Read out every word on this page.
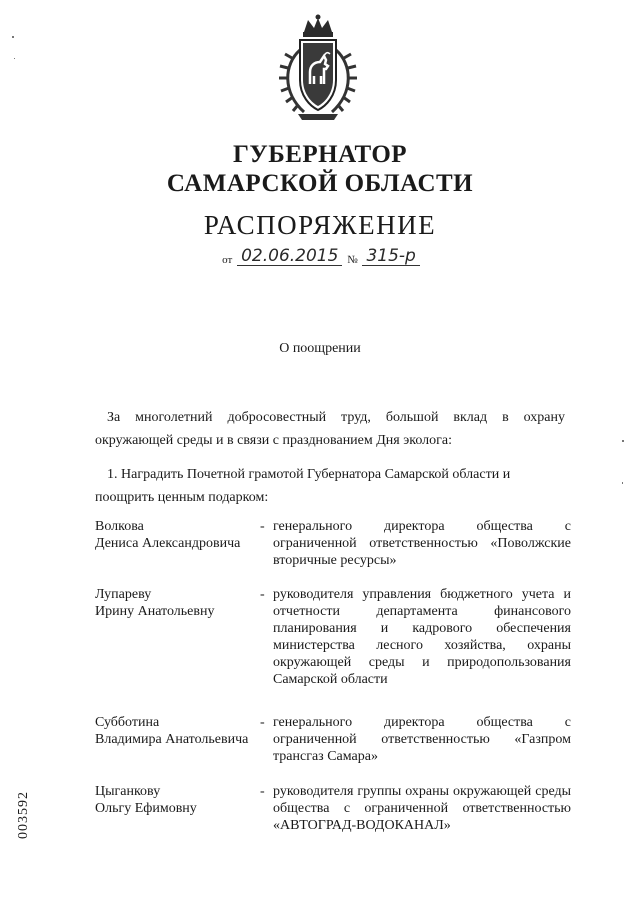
ГУБЕРНАТОР
САМАРСКОЙ ОБЛАСТИ
РАСПОРЯЖЕНИЕ
от 02.06.2015 № 315-р
О поощрении
За многолетний добросовестный труд, большой вклад в охрану
окружающей среды и в связи с празднованием Дня эколога:
1. Наградить Почетной грамотой Губернатора Самарской области и
поощрить ценным подарком:
Волкова
Дениса Александровича
- генерального директора общества с ограниченной ответственностью «Поволжские вторичные ресурсы»
Лупареву
Ирину Анатольевну
- руководителя управления бюджетного учета и отчетности департамента финансового планирования и кадрового обеспечения министерства лесного хозяйства, охраны окружающей среды и природопользования Самарской области
Субботина
Владимира Анатольевича
- генерального директора общества с ограниченной ответственностью «Газпром трансгаз Самара»
Цыганкову
Ольгу Ефимовну
- руководителя группы охраны окружающей среды общества с ограниченной ответственностью «АВТОГРАД-ВОДОКАНАЛ»
003592
